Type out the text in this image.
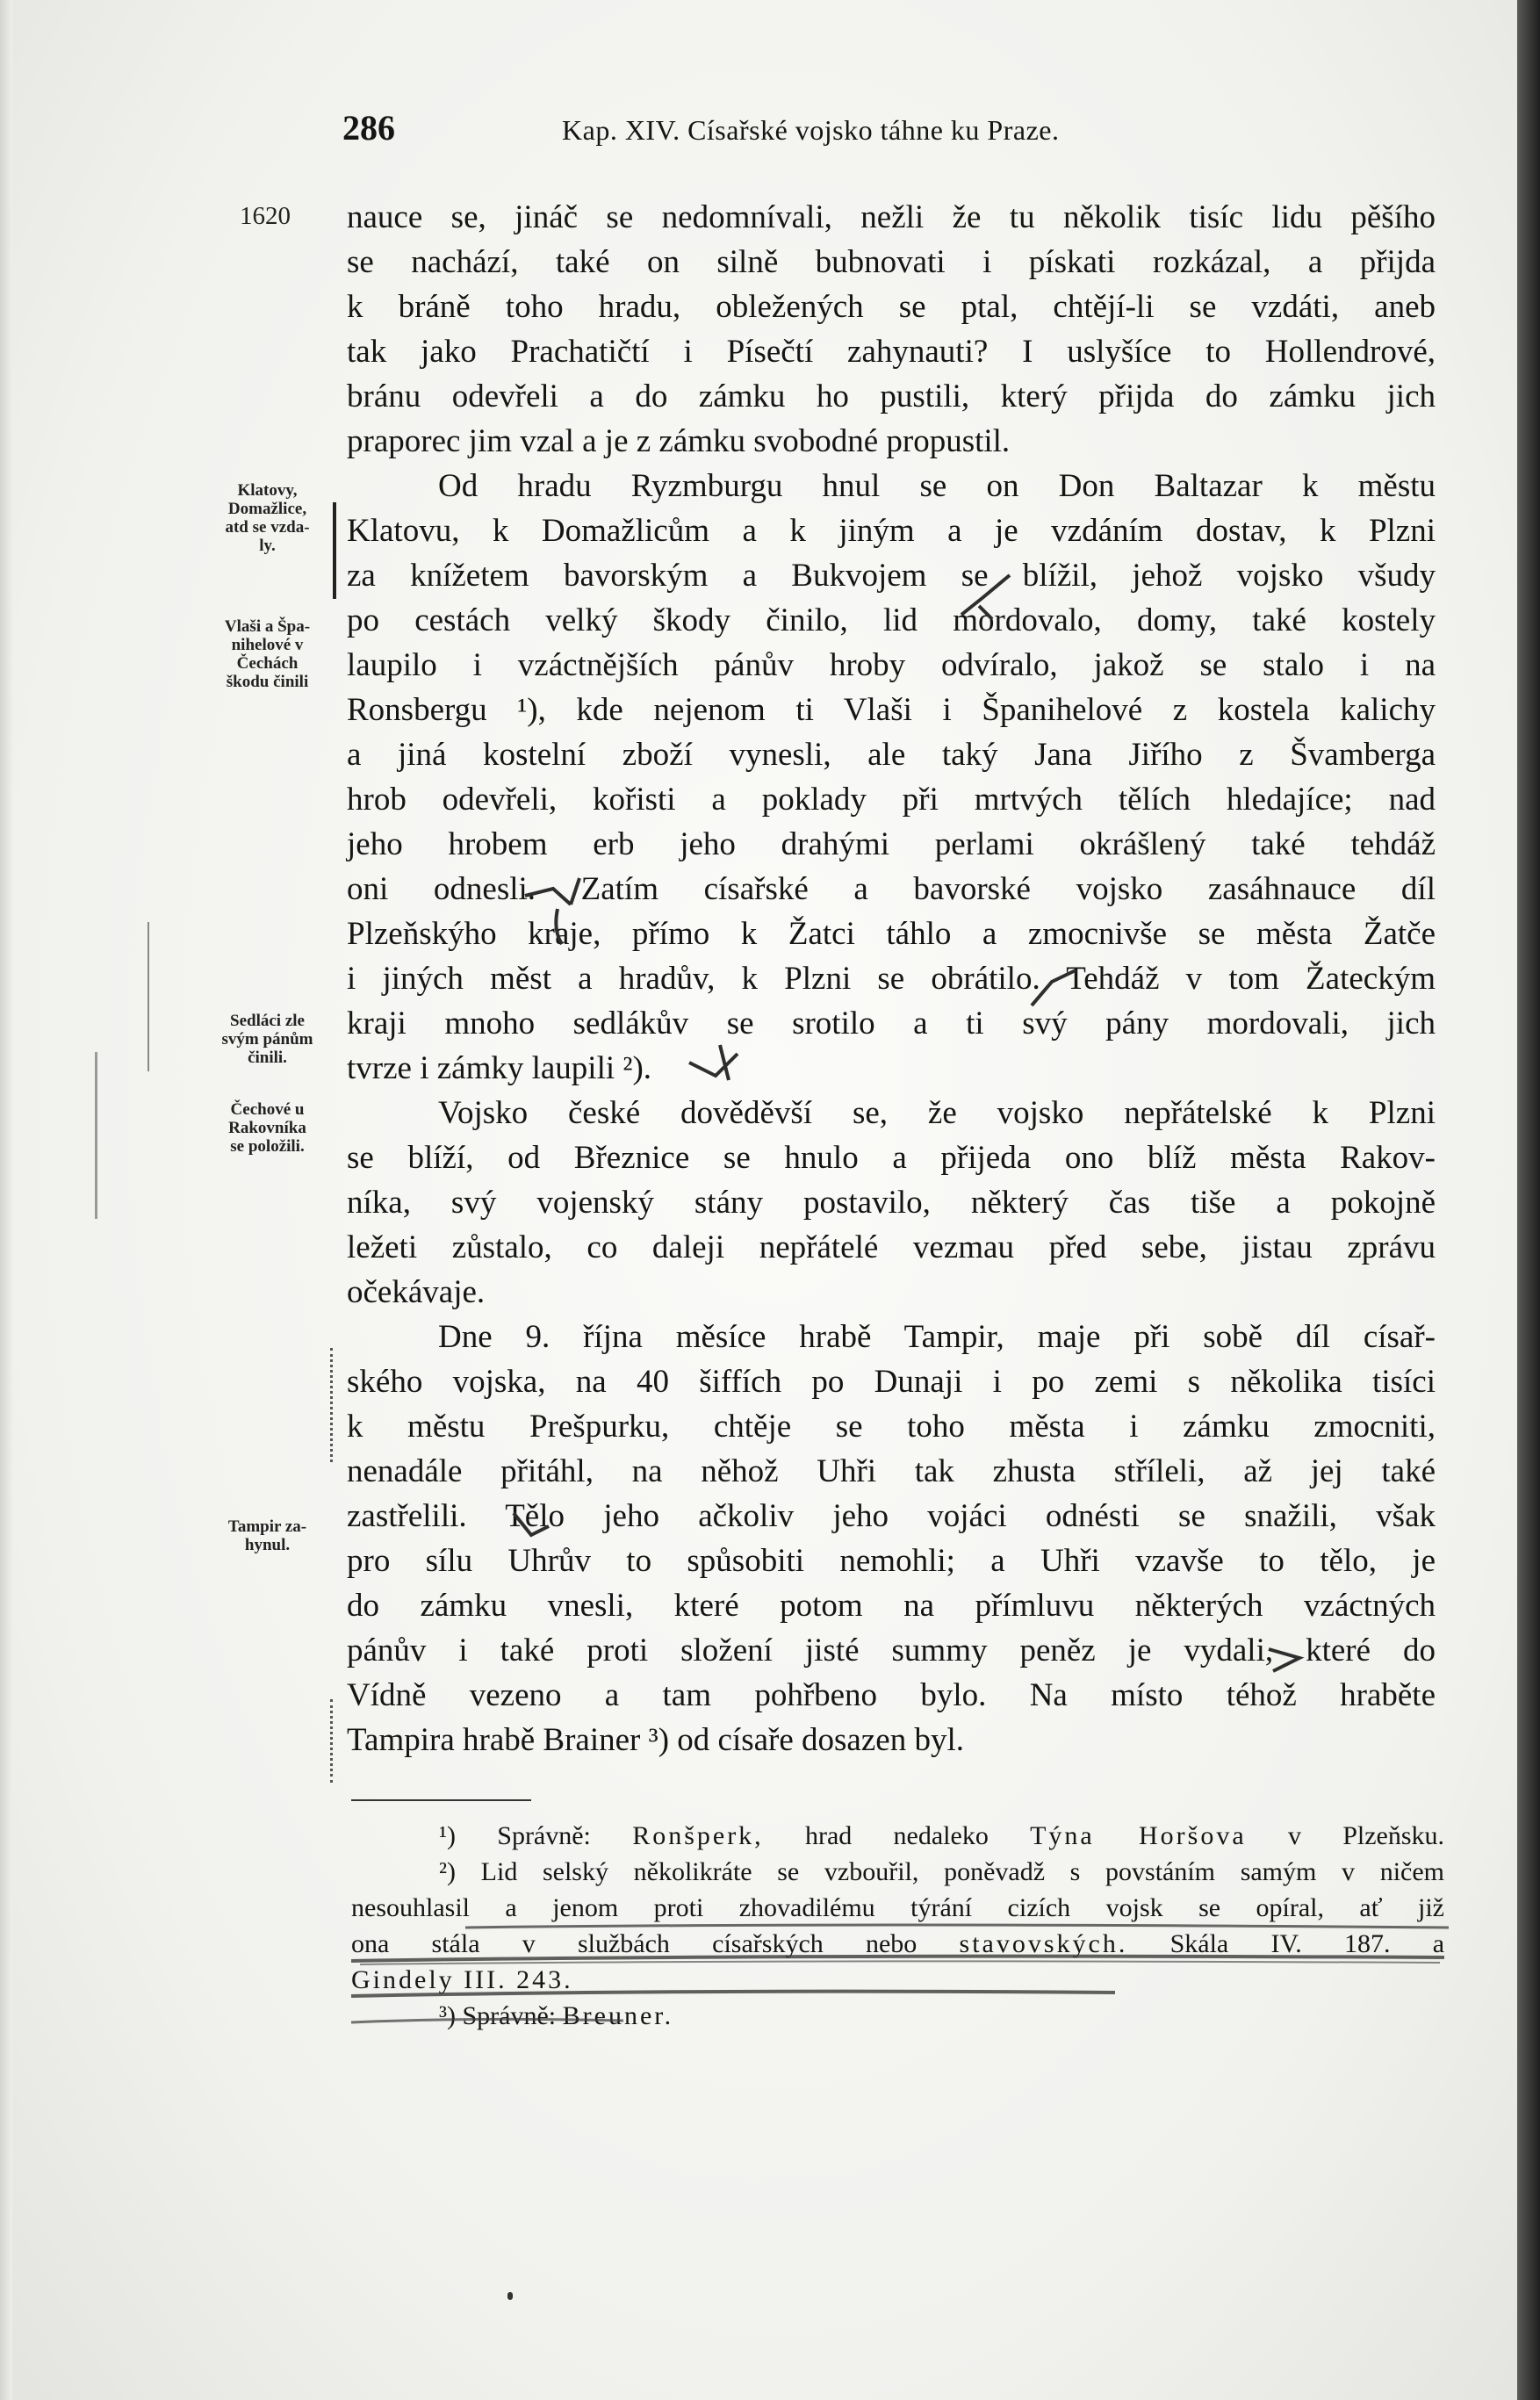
286	Kap. XIV. Císařské vojsko táhne ku Praze.
1620
Klatovy,
Domažlice,
atd se vzda-
ly.
Vlaši a Špa-
nihelové v
Čechách
škodu činili
Sedláci zle
svým pánům
činili.
Čechové u
Rakovníka
se položili.
Tampir za-
hynul.
nauce se, jináč se nedomnívali, nežli že tu několik tisíc lidu pěšího
se nachází, také on silně bubnovati i pískati rozkázal, a přijda
k bráně toho hradu, obležených se ptal, chtějí-li se vzdáti, aneb
tak jako Prachatičtí i Písečtí zahynauti? I uslyšíce to Hollendrové,
bránu odevřeli a do zámku ho pustili, který přijda do zámku jich
praporec jim vzal a je z zámku svobodné propustil.
Od hradu Ryzmburgu hnul se on Don Baltazar k městu
Klatovu, k Domažlicům a k jiným a je vzdáním dostav, k Plzni
za knížetem bavorským a Bukvojem se blížil, jehož vojsko všudy
po cestách velký škody činilo, lid mordovalo, domy, také kostely
laupilo i vzáctnějších pánův hroby odvíralo, jakož se stalo i na
Ronsbergu ¹), kde nejenom ti Vlaši i Španihelové z kostela kalichy
a jiná kostelní zboží vynesli, ale taký Jana Jiřího z Švamberga
hrob odevřeli, kořisti a poklady při mrtvých tělích hledajíce; nad
jeho hrobem erb jeho drahými perlami okrášlený také tehdáž
oni odnesli. Zatím císařské a bavorské vojsko zasáhnauce díl
Plzeňskýho kraje, přímo k Žatci táhlo a zmocnivše se města Žatče
i jiných měst a hradův, k Plzni se obrátilo. Tehdáž v tom Žateckým
kraji mnoho sedlákův se srotilo a ti svý pány mordovali, jich
tvrze i zámky laupili ²).
Vojsko české dověděvší se, že vojsko nepřátelské k Plzni
se blíží, od Březnice se hnulo a přijeda ono blíž města Rakov-
níka, svý vojenský stány postavilo, některý čas tiše a pokojně
ležeti zůstalo, co daleji nepřátelé vezmau před sebe, jistau zprávu
očekávaje.
Dne 9. října měsíce hrabě Tampir, maje při sobě díl císař-
ského vojska, na 40 šiffích po Dunaji i po zemi s několika tisíci
k městu Prešpurku, chtěje se toho města i zámku zmocniti,
nenadále přitáhl, na něhož Uhři tak zhusta stříleli, až jej také
zastřelili. Tělo jeho ačkoliv jeho vojáci odnésti se snažili, však
pro sílu Uhrův to spůsobiti nemohli; a Uhři vzavše to tělo, je
do zámku vnesli, které potom na přímluvu některých vzáctných
pánův i také proti složení jisté summy peněz je vydali, které do
Vídně vezeno a tam pohřbeno bylo. Na místo téhož hraběte
Tampira hrabě Brainer ³) od císaře dosazen byl.
¹) Správně: Ronšperk, hrad nedaleko Týna Horšova v Plzeňsku.
²) Lid selský několikráte se vzbouřil, poněvadž s povstáním samým v ničem
nesouhlasil a jenom proti zhovadilému týrání cizích vojsk se opíral, ať již
ona stála v službách císařských nebo stavovských. Skála IV. 187. a
Gindely III. 243.
³) Správně: Breuner.
